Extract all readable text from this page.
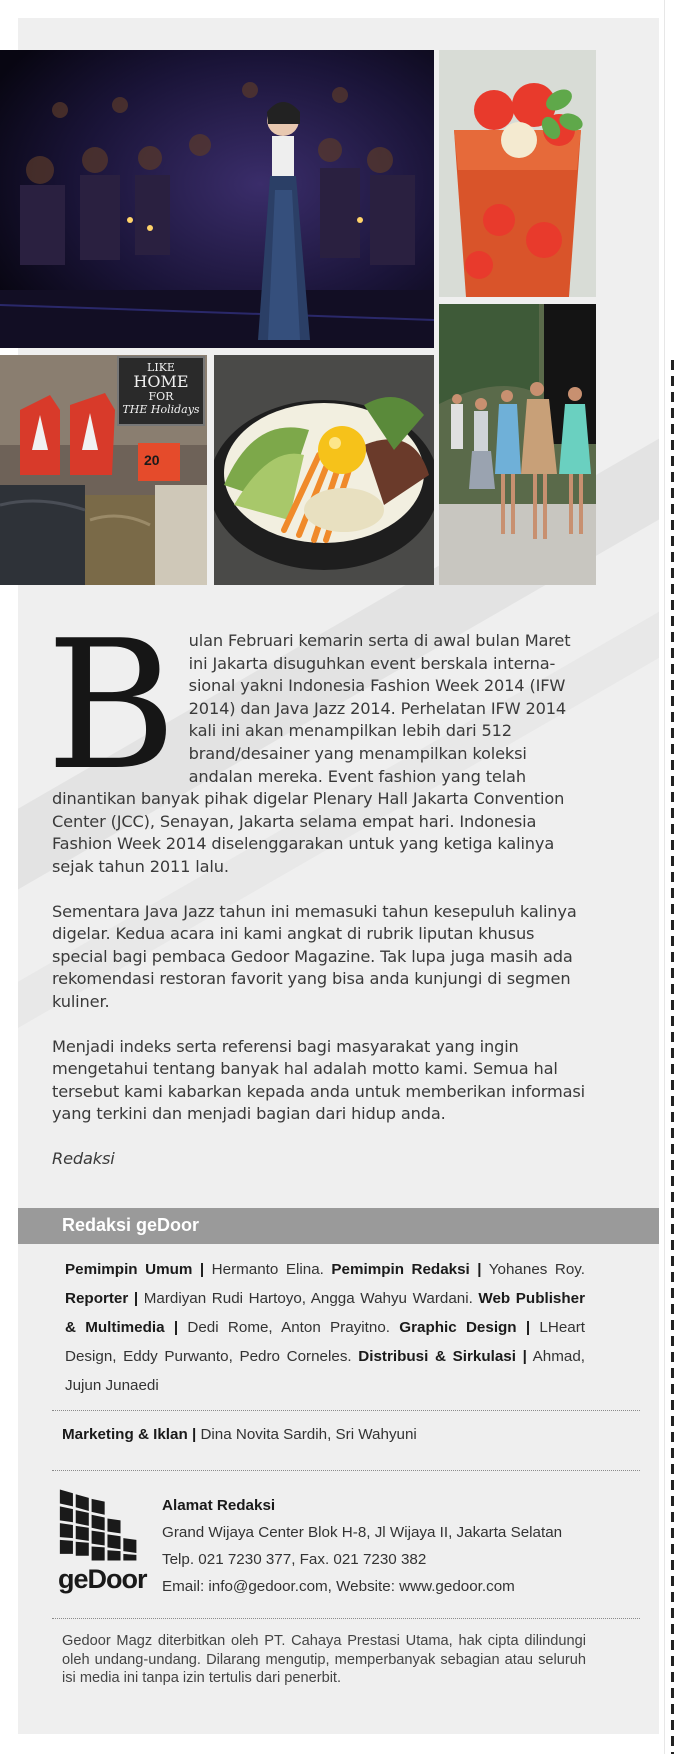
LIKE
HOME
FOR
THE Holidays
20
B ulan Februari kemarin serta di awal bulan Maret ini Jakarta disuguhkan event berskala interna- sional yakni Indonesia Fashion Week 2014 (IFW 2014) dan Java Jazz 2014. Perhelatan IFW 2014 kali ini akan menampilkan lebih dari 512 brand/desainer yang menampilkan koleksi andalan mereka. Event fashion yang telah dinantikan banyak pihak digelar Plenary Hall Jakarta Convention Center (JCC), Senayan, Jakarta selama empat hari. Indonesia Fashion Week 2014 diselenggarakan untuk yang ketiga kalinya sejak tahun 2011 lalu.

Sementara Java Jazz tahun ini memasuki tahun kesepuluh kalinya digelar. Kedua acara ini kami angkat di rubrik liputan khusus special bagi pembaca Gedoor Magazine. Tak lupa juga masih ada rekomendasi restoran favorit yang bisa anda kunjungi di segmen kuliner.

Menjadi indeks serta referensi bagi masyarakat yang ingin mengetahui tentang banyak hal adalah motto kami. Semua hal tersebut kami kabarkan kepada anda untuk memberikan informasi yang terkini dan menjadi bagian dari hidup anda.

Redaksi

Redaksi geDoor
Pemimpin Umum | Hermanto Elina. Pemimpin Redaksi | Yohanes Roy. Reporter | Mardiyan Rudi Hartoyo, Angga Wahyu Wardani. Web Publisher & Multimedia | Dedi Rome, Anton Prayitno. Graphic Design | LHeart Design, Eddy Purwanto, Pedro Corneles. Distribusi & Sirkulasi | Ahmad, Jujun Junaedi
Marketing & Iklan | Dina Novita Sardih, Sri Wahyuni
geDoor
Alamat Redaksi
Grand Wijaya Center Blok H-8, Jl Wijaya II, Jakarta Selatan
Telp. 021 7230 377, Fax. 021 7230 382
Email: info@gedoor.com, Website: www.gedoor.com
Gedoor Magz diterbitkan oleh PT. Cahaya Prestasi Utama, hak cipta dilindungi oleh undang-undang. Dilarang mengutip, memperbanyak sebagian atau seluruh isi media ini tanpa izin tertulis dari penerbit.
